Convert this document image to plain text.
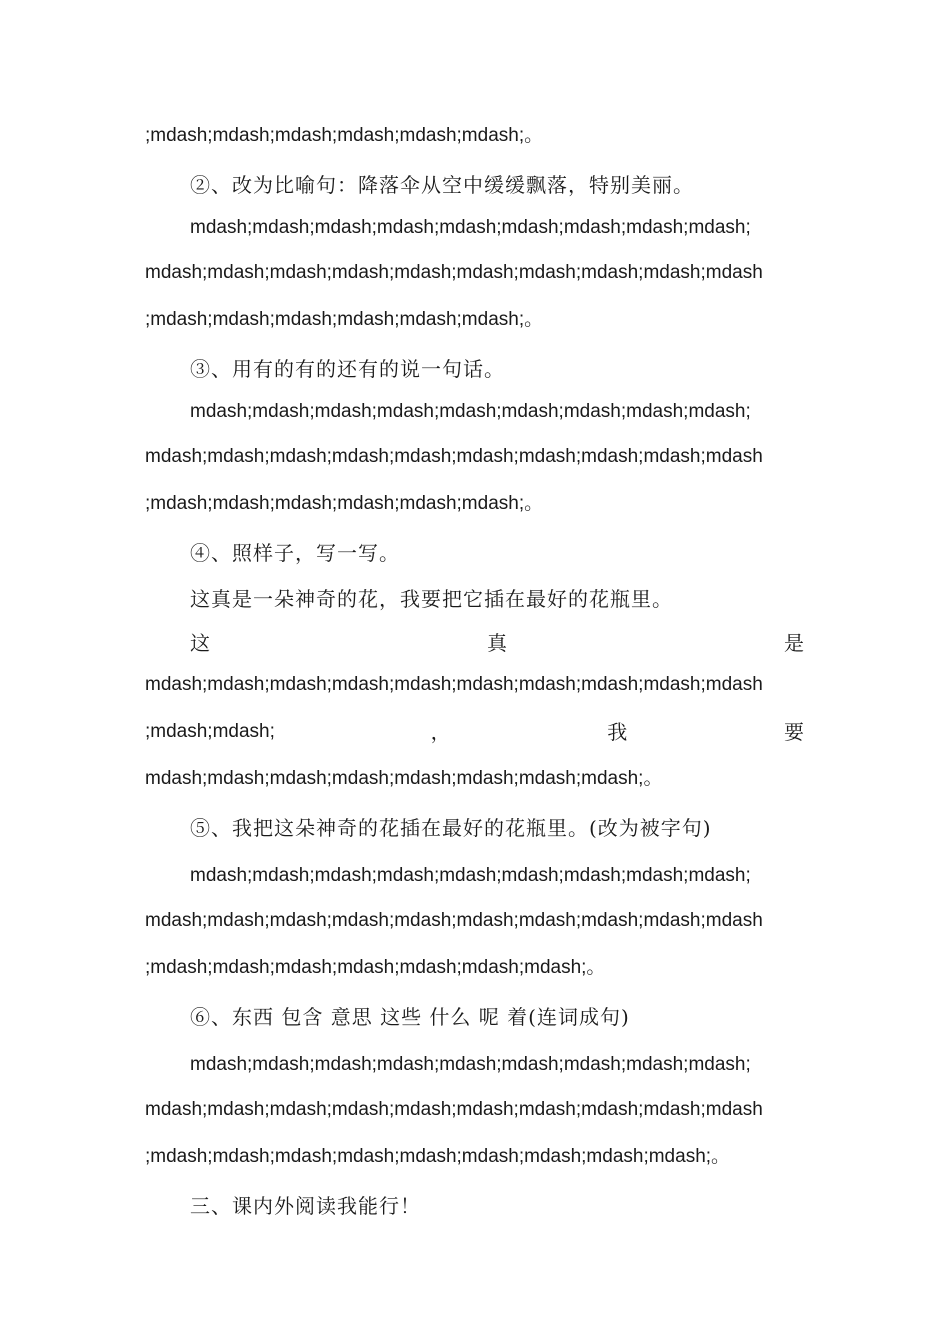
;mdash;mdash;mdash;mdash;mdash;mdash;。
②、改为比喻句：降落伞从空中缓缓飘落，特别美丽。
mdash;mdash;mdash;mdash;mdash;mdash;mdash;mdash;mdash;
mdash;mdash;mdash;mdash;mdash;mdash;mdash;mdash;mdash;mdash
;mdash;mdash;mdash;mdash;mdash;mdash;。
③、用有的有的还有的说一句话。
mdash;mdash;mdash;mdash;mdash;mdash;mdash;mdash;mdash;
mdash;mdash;mdash;mdash;mdash;mdash;mdash;mdash;mdash;mdash
;mdash;mdash;mdash;mdash;mdash;mdash;。
④、照样子，写一写。
这真是一朵神奇的花，我要把它插在最好的花瓶里。
这	真	是
mdash;mdash;mdash;mdash;mdash;mdash;mdash;mdash;mdash;mdash
;mdash;mdash;	，	我	要
mdash;mdash;mdash;mdash;mdash;mdash;mdash;mdash;。
⑤、我把这朵神奇的花插在最好的花瓶里。(改为被字句)
mdash;mdash;mdash;mdash;mdash;mdash;mdash;mdash;mdash;
mdash;mdash;mdash;mdash;mdash;mdash;mdash;mdash;mdash;mdash
;mdash;mdash;mdash;mdash;mdash;mdash;mdash;。
⑥、东西 包含 意思 这些 什么 呢 着(连词成句)
mdash;mdash;mdash;mdash;mdash;mdash;mdash;mdash;mdash;
mdash;mdash;mdash;mdash;mdash;mdash;mdash;mdash;mdash;mdash
;mdash;mdash;mdash;mdash;mdash;mdash;mdash;mdash;mdash;。
三、课内外阅读我能行！
